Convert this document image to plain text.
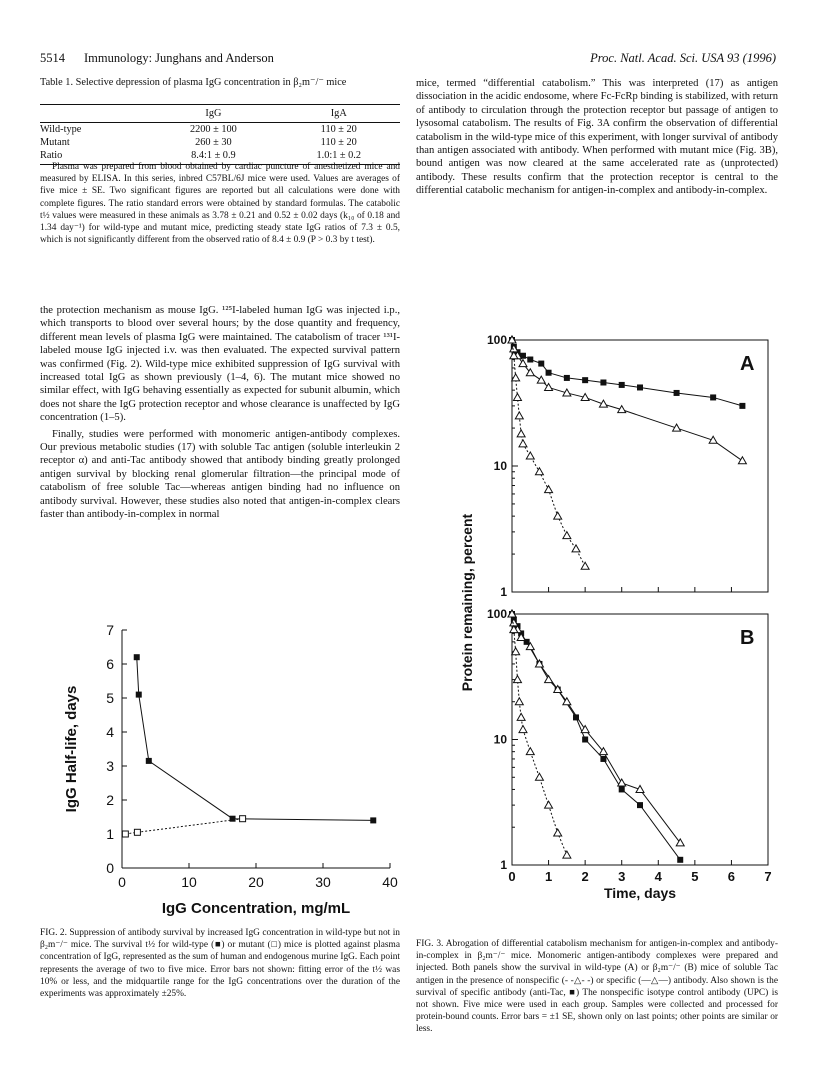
5514 Immunology: Junghans and Anderson	Proc. Natl. Acad. Sci. USA 93 (1996)
Table 1. Selective depression of plasma IgG concentration in β₂m⁻/⁻ mice
	IgG	IgA
Wild-type	2200 ± 100	110 ± 20
Mutant	260 ± 30	110 ± 20
Ratio	8.4:1 ± 0.9	1.0:1 ± 0.2
Plasma was prepared from blood obtained by cardiac puncture of anesthetized mice and measured by ELISA. In this series, inbred C57BL/6J mice were used. Values are averages of five mice ± SE. Two significant figures are reported but all calculations were done with complete figures. The ratio standard errors were obtained by standard formulas. The catabolic t½ values were measured in these animals as 3.78 ± 0.21 and 0.52 ± 0.02 days (k₁₀ of 0.18 and 1.34 day⁻¹) for wild-type and mutant mice, predicting steady state IgG ratios of 7.3 ± 0.5, which is not significantly different from the observed ratio of 8.4 ± 0.9 (P > 0.3 by t test).

the protection mechanism as mouse IgG. ¹²⁵I-labeled human IgG was injected i.p., which transports to blood over several hours; by the dose quantity and frequency, different mean levels of plasma IgG were maintained. The catabolism of tracer ¹³¹I-labeled mouse IgG injected i.v. was then evaluated. The expected survival pattern was confirmed (Fig. 2). Wild-type mice exhibited suppression of IgG survival with increased total IgG as shown previously (1–4, 6). The mutant mice showed no similar effect, with IgG behaving essentially as expected for subunit albumin, which does not share the IgG protection receptor and whose clearance is unaffected by IgG concentration (1–5).

Finally, studies were performed with monomeric antigen-antibody complexes. Our previous metabolic studies (17) with soluble Tac antigen (soluble interleukin 2 receptor α) and anti-Tac antibody showed that antibody binding greatly prolonged antigen survival by blocking renal glomerular filtration—the principal mode of catabolism of free soluble Tac—whereas antigen binding had no influence on antibody survival. However, these studies also noted that antigen-in-complex clears faster than antibody-in-complex in normal

mice, termed “differential catabolism.” This was interpreted (17) as antigen dissociation in the acidic endosome, where Fc-FcRp binding is stabilized, with return of antibody to circulation through the protection receptor but passage of antigen to lysosomal catabolism. The results of Fig. 3A confirm the observation of differential catabolism in the wild-type mice of this experiment, with longer survival of antibody than antigen associated with antibody. When performed with mutant mice (Fig. 3B), bound antigen was now cleared at the same accelerated rate as (unprotected) antibody. These results confirm that the protection receptor is central to the differential catabolic mechanism for antigen-in-complex and antibody-in-complex.

0
1
2
3
4
5
6
7
0	10	20	30	40
IgG Concentration, mg/mL
IgG Half-life, days
FIG. 2. Suppression of antibody survival by increased IgG concentration in wild-type but not in β₂m⁻/⁻ mice. The survival t½ for wild-type (■) or mutant (□) mice is plotted against plasma concentration of IgG, represented as the sum of human and endogenous murine IgG. Each point represents the average of two to five mice. Error bars not shown: fitting error of the t½ was 10% or less, and the midquartile range for the IgG concentrations over the duration of the experiments was approximately ±25%.
1
10
100
A
1
10
100
B
0 1 2 3 4 5 6 7
Protein remaining, percent
Time, days
FIG. 3. Abrogation of differential catabolism mechanism for antigen-in-complex and antibody-in-complex in β₂m⁻/⁻ mice. Monomeric antigen-antibody complexes were prepared and injected. Both panels show the survival in wild-type (A) or β₂m⁻/⁻ (B) mice of soluble Tac antigen in the presence of nonspecific (- -△- -) or specific (—△—) antibody. Also shown is the survival of specific antibody (anti-Tac, ■) The nonspecific isotype control antibody (UPC) is not shown. Five mice were used in each group. Samples were collected and processed for protein-bound counts. Error bars = ±1 SE, shown only on last points; other points are similar or less.
